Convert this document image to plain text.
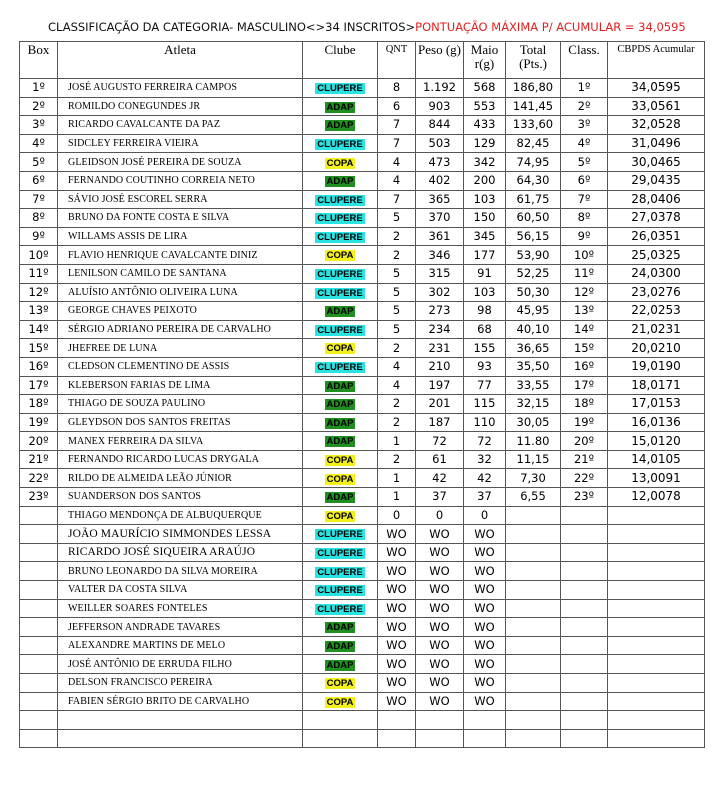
CLASSIFICAÇÃO DA CATEGORIA- MASCULINO<>34 INSCRITOS>PONTUAÇÃO MÁXIMA P/ ACUMULAR = 34,0595
Box	Atleta	Clube	QNT	Peso (g)	Maio r(g)	Total (Pts.)	Class.	CBPDS Acumular
1º	JOSÉ AUGUSTO FERREIRA CAMPOS	CLUPERE	8	1.192	568	186,80	1º	34,0595
2º	ROMILDO CONEGUNDES JR	ADAP	6	903	553	141,45	2º	33,0561
3º	RICARDO CAVALCANTE DA PAZ	ADAP	7	844	433	133,60	3º	32,0528
4º	SIDCLEY FERREIRA VIEIRA	CLUPERE	7	503	129	82,45	4º	31,0496
5º	GLEIDSON JOSÉ PEREIRA DE SOUZA	COPA	4	473	342	74,95	5º	30,0465
6º	FERNANDO COUTINHO CORREIA NETO	ADAP	4	402	200	64,30	6º	29,0435
7º	SÁVIO JOSÉ ESCOREL SERRA	CLUPERE	7	365	103	61,75	7º	28,0406
8º	BRUNO DA FONTE COSTA E SILVA	CLUPERE	5	370	150	60,50	8º	27,0378
9º	WILLAMS ASSIS DE LIRA	CLUPERE	2	361	345	56,15	9º	26,0351
10º	FLAVIO HENRIQUE CAVALCANTE DINIZ	COPA	2	346	177	53,90	10º	25,0325
11º	LENILSON CAMILO DE SANTANA	CLUPERE	5	315	91	52,25	11º	24,0300
12º	ALUÍSIO ANTÔNIO OLIVEIRA LUNA	CLUPERE	5	302	103	50,30	12º	23,0276
13º	GEORGE CHAVES PEIXOTO	ADAP	5	273	98	45,95	13º	22,0253
14º	SÉRGIO ADRIANO PEREIRA DE CARVALHO	CLUPERE	5	234	68	40,10	14º	21,0231
15º	JHEFREE DE LUNA	COPA	2	231	155	36,65	15º	20,0210
16º	CLEDSON CLEMENTINO DE ASSIS	CLUPERE	4	210	93	35,50	16º	19,0190
17º	KLEBERSON FARIAS DE LIMA	ADAP	4	197	77	33,55	17º	18,0171
18º	THIAGO DE SOUZA PAULINO	ADAP	2	201	115	32,15	18º	17,0153
19º	GLEYDSON DOS SANTOS FREITAS	ADAP	2	187	110	30,05	19º	16,0136
20º	MANEX FERREIRA DA SILVA	ADAP	1	72	72	11.80	20º	15,0120
21º	FERNANDO RICARDO LUCAS DRYGALA	COPA	2	61	32	11,15	21º	14,0105
22º	RILDO DE ALMEIDA LEÃO JÚNIOR	COPA	1	42	42	7,30	22º	13,0091
23º	SUANDERSON DOS SANTOS	ADAP	1	37	37	6,55	23º	12,0078
	THIAGO MENDONÇA DE ALBUQUERQUE	COPA	0	0	0			
	JOÃO MAURÍCIO SIMMONDES LESSA	CLUPERE	WO	WO	WO			
	RICARDO JOSÉ SIQUEIRA ARAÚJO	CLUPERE	WO	WO	WO			
	BRUNO LEONARDO DA SILVA MOREIRA	CLUPERE	WO	WO	WO			
	VALTER DA COSTA SILVA	CLUPERE	WO	WO	WO			
	WEILLER SOARES FONTELES	CLUPERE	WO	WO	WO			
	JEFFERSON ANDRADE TAVARES	ADAP	WO	WO	WO			
	ALEXANDRE MARTINS DE MELO	ADAP	WO	WO	WO			
	JOSÉ ANTÔNIO DE ERRUDA FILHO	ADAP	WO	WO	WO			
	DELSON FRANCISCO PEREIRA	COPA	WO	WO	WO			
	FABIEN SÉRGIO BRITO DE CARVALHO	COPA	WO	WO	WO			
